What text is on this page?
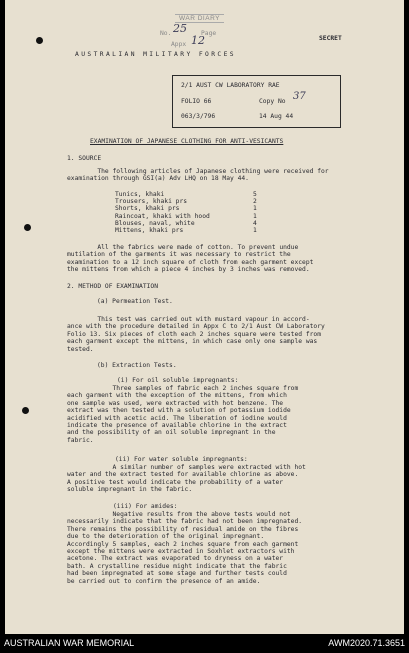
WAR DIARY
No. 25 Page
Appx 12	SECRET
AUSTRALIAN MILITARY FORCES
2/1 AUST CW LABORATORY RAE
FOLIO 66	Copy No 37
063/3/796	14 Aug 44
EXAMINATION OF JAPANESE CLOTHING FOR ANTI-VESICANTS
1. SOURCE
The following articles of Japanese clothing were received for
examination through GSI(a) Adv LHQ on 18 May 44.
Tunics, khaki	5
Trousers, khaki prs	2
Shorts, khaki prs	1
Raincoat, khaki with hood	1
Blouses, naval, white	4
Mittens, khaki prs	1
All the fabrics were made of cotton. To prevent undue
mutilation of the garments it was necessary to restrict the
examination to a 12 inch square of cloth from each garment except
the mittens from which a piece 4 inches by 3 inches was removed.
2. METHOD OF EXAMINATION
(a) Permeation Test.
This test was carried out with mustard vapour in accord-
ance with the procedure detailed in Appx C to 2/1 Aust CW Laboratory
Folio 13. Six pieces of cloth each 2 inches square were tested from
each garment except the mittens, in which case only one sample was
tested.
(b) Extraction Tests.
(i) For oil soluble impregnants:
Three samples of fabric each 2 inches square from
each garment with the exception of the mittens, from which
one sample was used, were extracted with hot benzene. The
extract was then tested with a solution of potassium iodide
acidified with acetic acid. The liberation of iodine would
indicate the presence of available chlorine in the extract
and the possibility of an oil soluble impregnant in the
fabric.
(ii) For water soluble impregnants:
A similar number of samples were extracted with hot
water and the extract tested for available chlorine as above.
A positive test would indicate the probability of a water
soluble impregnant in the fabric.
(iii) For amides:
Negative results from the above tests would not
necessarily indicate that the fabric had not been impregnated.
There remains the possibility of residual amide on the fibres
due to the deterioration of the original impregnant.
Accordingly 5 samples, each 2 inches square from each garment
except the mittens were extracted in Soxhlet extractors with
acetone. The extract was evaporated to dryness on a water
bath. A crystalline residue might indicate that the fabric
had been impregnated at some stage and further tests could
be carried out to confirm the presence of an amide.
AUSTRALIAN WAR MEMORIAL	AWM2020.71.3651
